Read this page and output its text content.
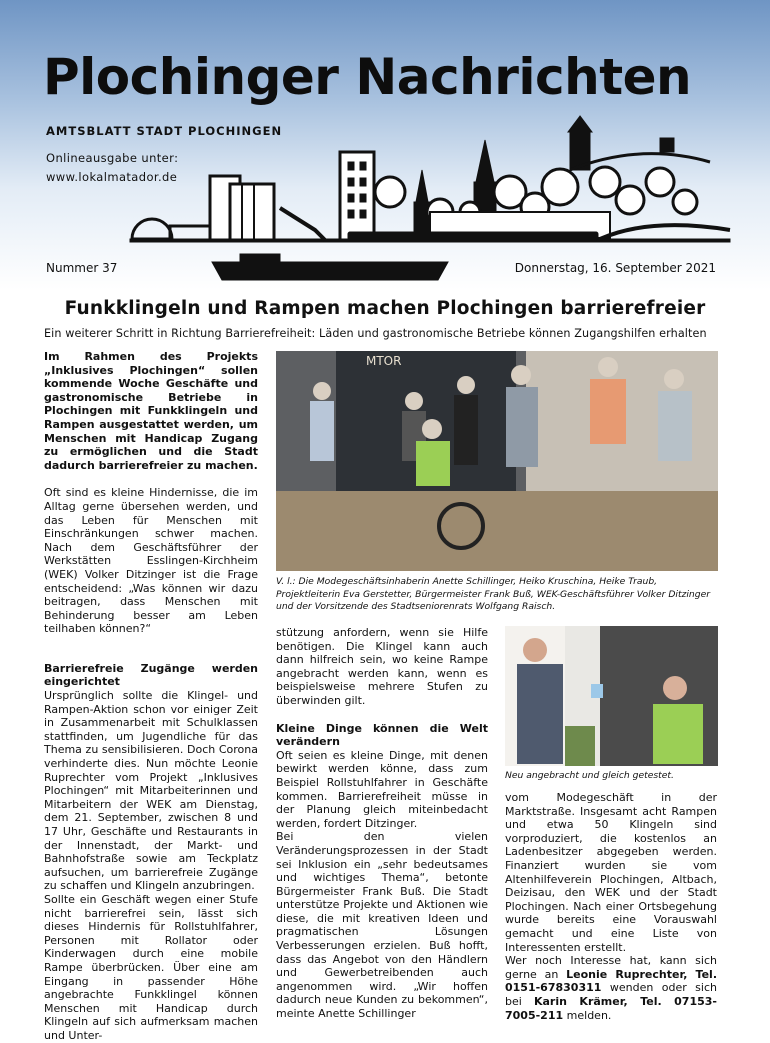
Plochinger Nachrichten
AMTSBLATT STADT PLOCHINGEN
Onlineausgabe unter:
www.lokalmatador.de
Nummer 37	Donnerstag, 16. September 2021
Funkklingeln und Rampen machen Plochingen barrierefreier
Ein weiterer Schritt in Richtung Barrierefreiheit: Läden und gastronomische Betriebe können Zugangshilfen erhalten

Im Rahmen des Projekts „Inklusives Plochingen“ sollen kommende Woche Geschäfte und gastronomische Betriebe in Plochingen mit Funkklingeln und Rampen ausgestattet werden, um Menschen mit Handicap Zugang zu ermöglichen und die Stadt dadurch barrierefreier zu machen.

Oft sind es kleine Hindernisse, die im Alltag gerne übersehen werden, und das Leben für Menschen mit Einschränkungen schwer machen. Nach dem Geschäftsführer der Werkstätten Esslingen-Kirchheim (WEK) Volker Ditzinger ist die Frage entscheidend: „Was können wir dazu beitragen, dass Menschen mit Behinderung besser am Leben teilhaben können?“

Barrierefreie Zugänge werden eingerichtet

Ursprünglich sollte die Klingel- und Rampen-Aktion schon vor einiger Zeit in Zusammenarbeit mit Schulklassen stattfinden, um Jugendliche für das Thema zu sensibilisieren. Doch Corona verhinderte dies. Nun möchte Leonie Ruprechter vom Projekt „Inklusives Plochingen“ mit Mitarbeiterinnen und Mitarbeitern der WEK am Dienstag, dem 21. September, zwischen 8 und 17 Uhr, Geschäfte und Restaurants in der Innenstadt, der Markt- und Bahnhofstraße sowie am Teckplatz aufsuchen, um barrierefreie Zugänge zu schaffen und Klingeln anzubringen.

Sollte ein Geschäft wegen einer Stufe nicht barrierefrei sein, lässt sich dieses Hindernis für Rollstuhlfahrer, Personen mit Rollator oder Kinderwagen durch eine mobile Rampe überbrücken. Über eine am Eingang in passender Höhe angebrachte Funkklingel können Menschen mit Handicap durch Klingeln auf sich aufmerksam machen und Unter-

MTOR
V. l.: Die Modegeschäftsinhaberin Anette Schillinger, Heiko Kruschina, Heike Traub, Projektleiterin Eva Gerstetter, Bürgermeister Frank Buß, WEK-Geschäftsführer Volker Ditzinger und der Vorsitzende des Stadtseniorenrats Wolfgang Raisch.

stützung anfordern, wenn sie Hilfe benötigen. Die Klingel kann auch dann hilfreich sein, wo keine Rampe angebracht werden kann, wenn es beispielsweise mehrere Stufen zu überwinden gilt.

Kleine Dinge können die Welt verändern

Oft seien es kleine Dinge, mit denen bewirkt werden könne, dass zum Beispiel Rollstuhlfahrer in Geschäfte kommen. Barrierefreiheit müsse in der Planung gleich miteinbedacht werden, fordert Ditzinger.

Bei den vielen Veränderungsprozessen in der Stadt sei Inklusion ein „sehr bedeutsames und wichtiges Thema“, betonte Bürgermeister Frank Buß. Die Stadt unterstütze Projekte und Aktionen wie diese, die mit kreativen Ideen und pragmatischen Lösungen Verbesserungen erzielen. Buß hofft, dass das Angebot von den Händlern und Gewerbetreibenden auch angenommen wird. „Wir hoffen dadurch neue Kunden zu bekommen“, meinte Anette Schillinger

Neu angebracht und gleich getestet.

vom Modegeschäft in der Marktstraße. Insgesamt acht Rampen und etwa 50 Klingeln sind vorproduziert, die kostenlos an Ladenbesitzer abgegeben werden. Finanziert wurden sie vom Altenhilfeverein Plochingen, Altbach, Deizisau, den WEK und der Stadt Plochingen. Nach einer Ortsbegehung wurde bereits eine Vorauswahl gemacht und eine Liste von Interessenten erstellt.

Wer noch Interesse hat, kann sich gerne an Leonie Ruprechter, Tel. 0151-67830311 wenden oder sich bei Karin Krämer, Tel. 07153-7005-211 melden.
